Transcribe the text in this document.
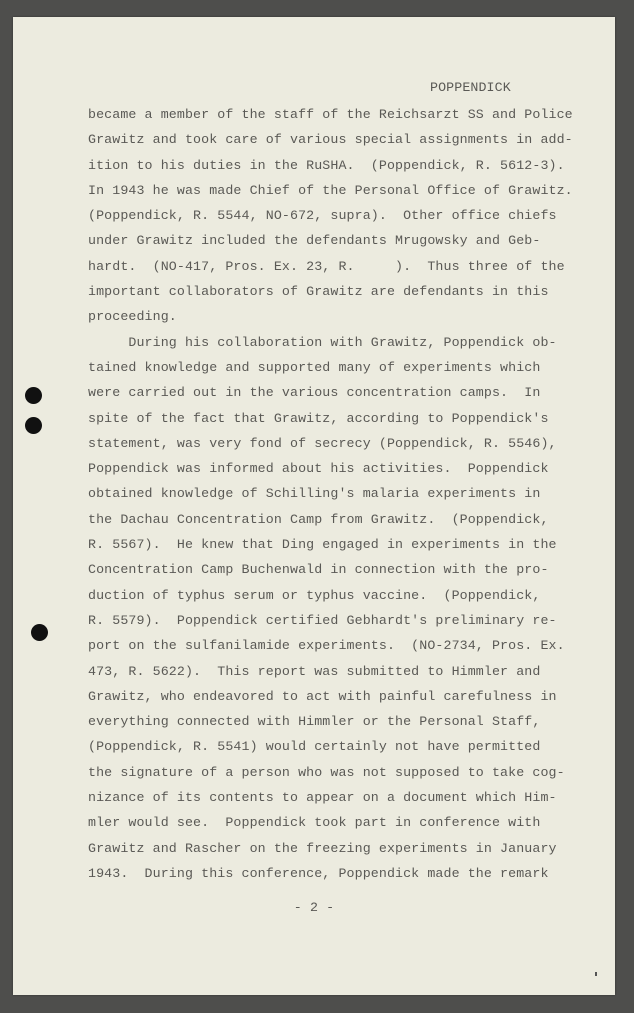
POPPENDICK
became a member of the staff of the Reichsarzt SS and Police
Grawitz and took care of various special assignments in add-
ition to his duties in the RuSHA.  (Poppendick, R. 5612-3).
In 1943 he was made Chief of the Personal Office of Grawitz.
(Poppendick, R. 5544, NO-672, supra).  Other office chiefs
under Grawitz included the defendants Mrugowsky and Geb-
hardt.  (NO-417, Pros. Ex. 23, R.     ).  Thus three of the
important collaborators of Grawitz are defendants in this
proceeding.
During his collaboration with Grawitz, Poppendick ob-
tained knowledge and supported many of experiments which
were carried out in the various concentration camps.  In
spite of the fact that Grawitz, according to Poppendick's
statement, was very fond of secrecy (Poppendick, R. 5546),
Poppendick was informed about his activities.  Poppendick
obtained knowledge of Schilling's malaria experiments in
the Dachau Concentration Camp from Grawitz.  (Poppendick,
R. 5567).  He knew that Ding engaged in experiments in the
Concentration Camp Buchenwald in connection with the pro-
duction of typhus serum or typhus vaccine.  (Poppendick,
R. 5579).  Poppendick certified Gebhardt's preliminary re-
port on the sulfanilamide experiments.  (NO-2734, Pros. Ex.
473, R. 5622).  This report was submitted to Himmler and
Grawitz, who endeavored to act with painful carefulness in
everything connected with Himmler or the Personal Staff,
(Poppendick, R. 5541) would certainly not have permitted
the signature of a person who was not supposed to take cog-
nizance of its contents to appear on a document which Him-
mler would see.  Poppendick took part in conference with
Grawitz and Rascher on the freezing experiments in January
1943.  During this conference, Poppendick made the remark
- 2 -
